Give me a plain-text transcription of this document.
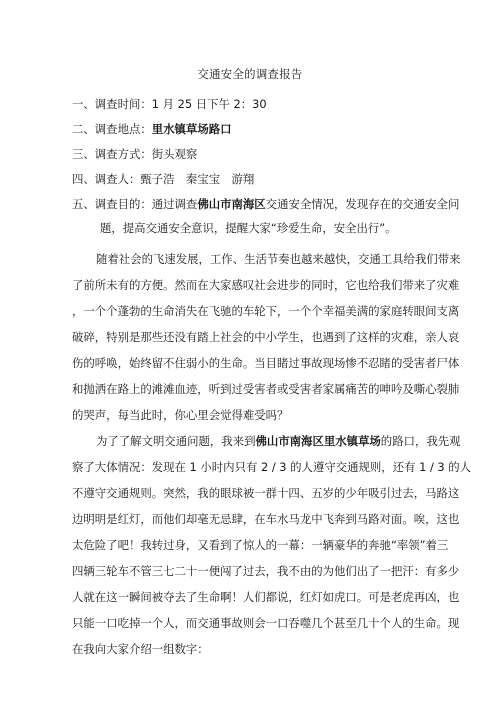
交通安全的调查报告
一、调查时间：1 月 25 日下午 2：30
二、调查地点：里水镇草场路口
三、调查方式：街头观察
四、调查人：甄子浩　秦宝宝　游翔
五、调查目的：通过调查佛山市南海区交通安全情况，发现存在的交通安全问
题，提高交通安全意识，提醒大家“珍爱生命，安全出行”。
随着社会的飞速发展，工作、生活节奏也越来越快，交通工具给我们带来
了前所未有的方便。然而在大家感叹社会进步的同时，它也给我们带来了灾难
，一个个蓬勃的生命消失在飞驰的车轮下，一个个幸福美满的家庭转眼间支离
破碎，特别是那些还没有踏上社会的中小学生，也遇到了这样的灾难，亲人哀
伤的呼唤，始终留不住弱小的生命。当目睹过事故现场惨不忍睹的受害者尸体
和抛洒在路上的滩滩血迹，听到过受害者或受害者家属痛苦的呻吟及嘶心裂肺
的哭声，每当此时，你心里会觉得难受吗？
为了了解文明交通问题，我来到佛山市南海区里水镇草场的路口，我先观
察了大体情况：发现在 1 小时内只有 2 / 3 的人遵守交通规则，还有 1 / 3 的人
不遵守交通规则。突然，我的眼球被一群十四、五岁的少年吸引过去，马路这
边明明是红灯，而他们却毫无忌肆，在车水马龙中飞奔到马路对面。唉，这也
太危险了吧！我转过身，又看到了惊人的一幕：一辆豪华的奔驰“率领”着三
四辆三轮车不管三七二十一便闯了过去，我不由的为他们出了一把汗：有多少
人就在这一瞬间被夺去了生命啊！人们都说，红灯如虎口。可是老虎再凶，也
只能一口吃掉一个人，而交通事故则会一口吞噬几个甚至几十个人的生命。现
在我向大家介绍一组数字：
